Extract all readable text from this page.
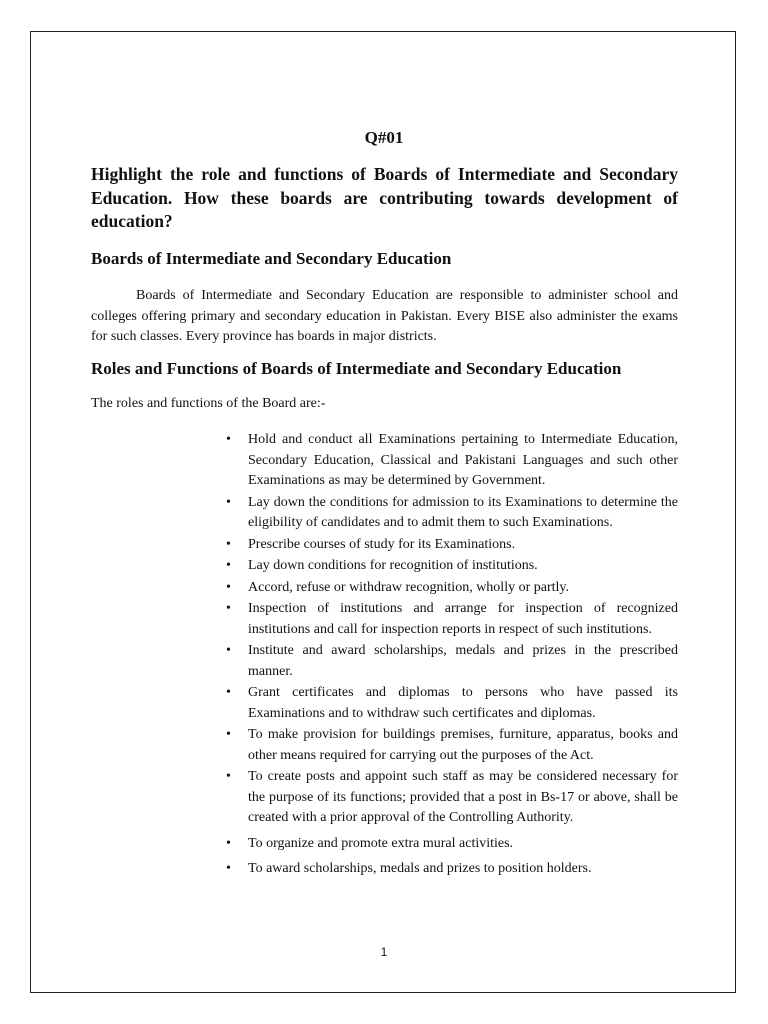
Q#01

Highlight the role and functions of Boards of Intermediate and Secondary Education. How these boards are contributing towards development of education?

Boards of Intermediate and Secondary Education

Boards of Intermediate and Secondary Education are responsible to administer school and colleges offering primary and secondary education in Pakistan. Every BISE also administer the exams for such classes. Every province has boards in major districts.

Roles and Functions of Boards of Intermediate and Secondary Education

The roles and functions of the Board are:-

•	Hold and conduct all Examinations pertaining to Intermediate Education, Secondary Education, Classical and Pakistani Languages and such other Examinations as may be determined by Government.
•	Lay down the conditions for admission to its Examinations to determine the eligibility of candidates and to admit them to such Examinations.
•	Prescribe courses of study for its Examinations.
•	Lay down conditions for recognition of institutions.
•	Accord, refuse or withdraw recognition, wholly or partly.
•	Inspection of institutions and arrange for inspection of recognized institutions and call for inspection reports in respect of such institutions.
•	Institute and award scholarships, medals and prizes in the prescribed manner.
•	Grant certificates and diplomas to persons who have passed its Examinations and to withdraw such certificates and diplomas.
•	To make provision for buildings premises, furniture, apparatus, books and other means required for carrying out the purposes of the Act.
•	To create posts and appoint such staff as may be considered necessary for the purpose of its functions; provided that a post in Bs-17 or above, shall be created with a prior approval of the Controlling Authority.
•	To organize and promote extra mural activities.
•	To award scholarships, medals and prizes to position holders.
1
